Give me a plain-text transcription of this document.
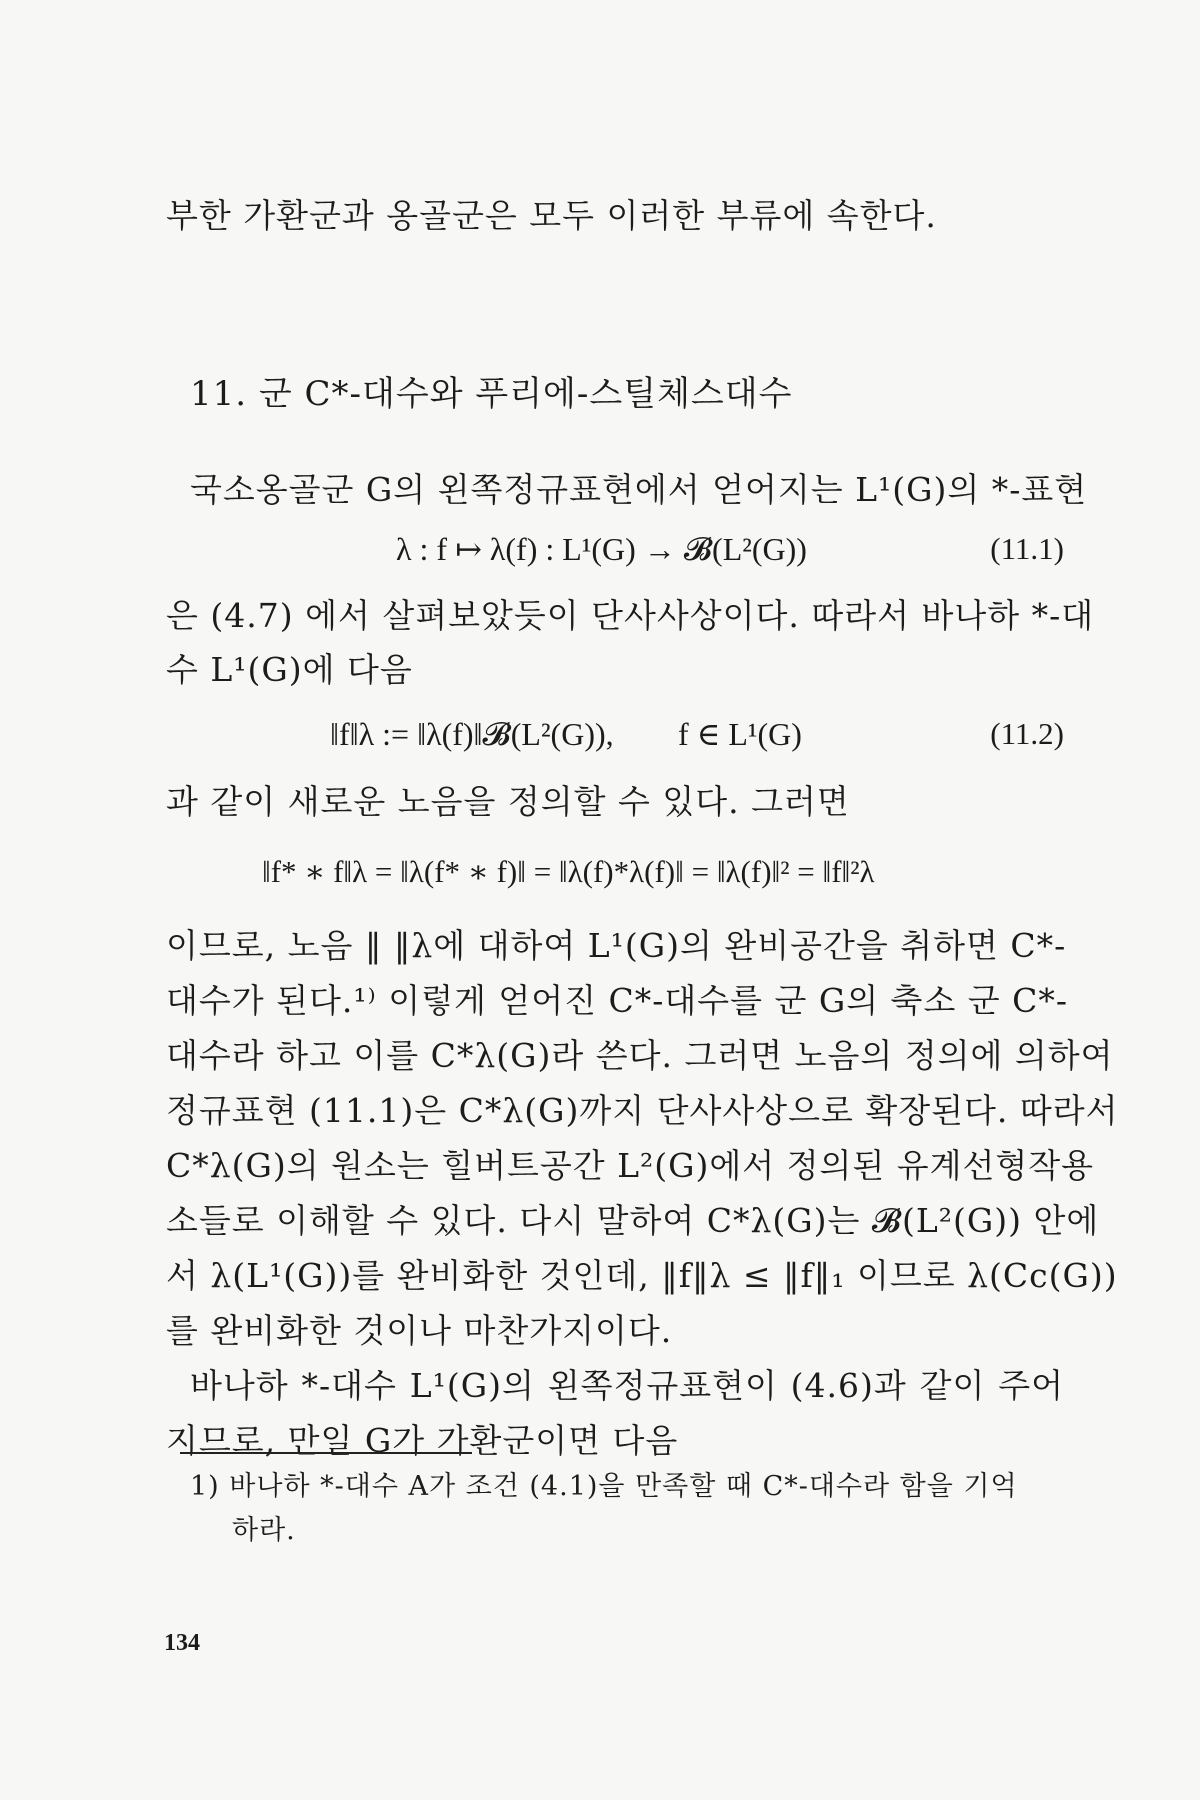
부한 가환군과 옹골군은 모두 이러한 부류에 속한다.
11. 군 C*-대수와 푸리에-스틸체스대수
국소옹골군 G의 왼쪽정규표현에서 얻어지는 L¹(G)의 *-표현
λ : f ↦ λ(f) : L¹(G) → 𝓑(L²(G))	(11.1)
은 (4.7) 에서 살펴보았듯이 단사사상이다. 따라서 바나하 *-대
수 L¹(G)에 다음
‖f‖λ := ‖λ(f)‖𝓑(L²(G)), f ∈ L¹(G)	(11.2)
과 같이 새로운 노음을 정의할 수 있다. 그러면
‖f* ∗ f‖λ = ‖λ(f* ∗ f)‖ = ‖λ(f)*λ(f)‖ = ‖λ(f)‖² = ‖f‖²λ
이므로, 노음 ‖ ‖λ에 대하여 L¹(G)의 완비공간을 취하면 C*-
대수가 된다.¹⁾ 이렇게 얻어진 C*-대수를 군 G의 축소 군 C*-
대수라 하고 이를 C*λ(G)라 쓴다. 그러면 노음의 정의에 의하여
정규표현 (11.1)은 C*λ(G)까지 단사사상으로 확장된다. 따라서
C*λ(G)의 원소는 힐버트공간 L²(G)에서 정의된 유계선형작용
소들로 이해할 수 있다. 다시 말하여 C*λ(G)는 𝓑(L²(G)) 안에
서 λ(L¹(G))를 완비화한 것인데, ‖f‖λ ≤ ‖f‖₁ 이므로 λ(Cc(G))
를 완비화한 것이나 마찬가지이다.
바나하 *-대수 L¹(G)의 왼쪽정규표현이 (4.6)과 같이 주어
지므로, 만일 G가 가환군이면 다음
1) 바나하 *-대수 A가 조건 (4.1)을 만족할 때 C*-대수라 함을 기억
하라.
134
